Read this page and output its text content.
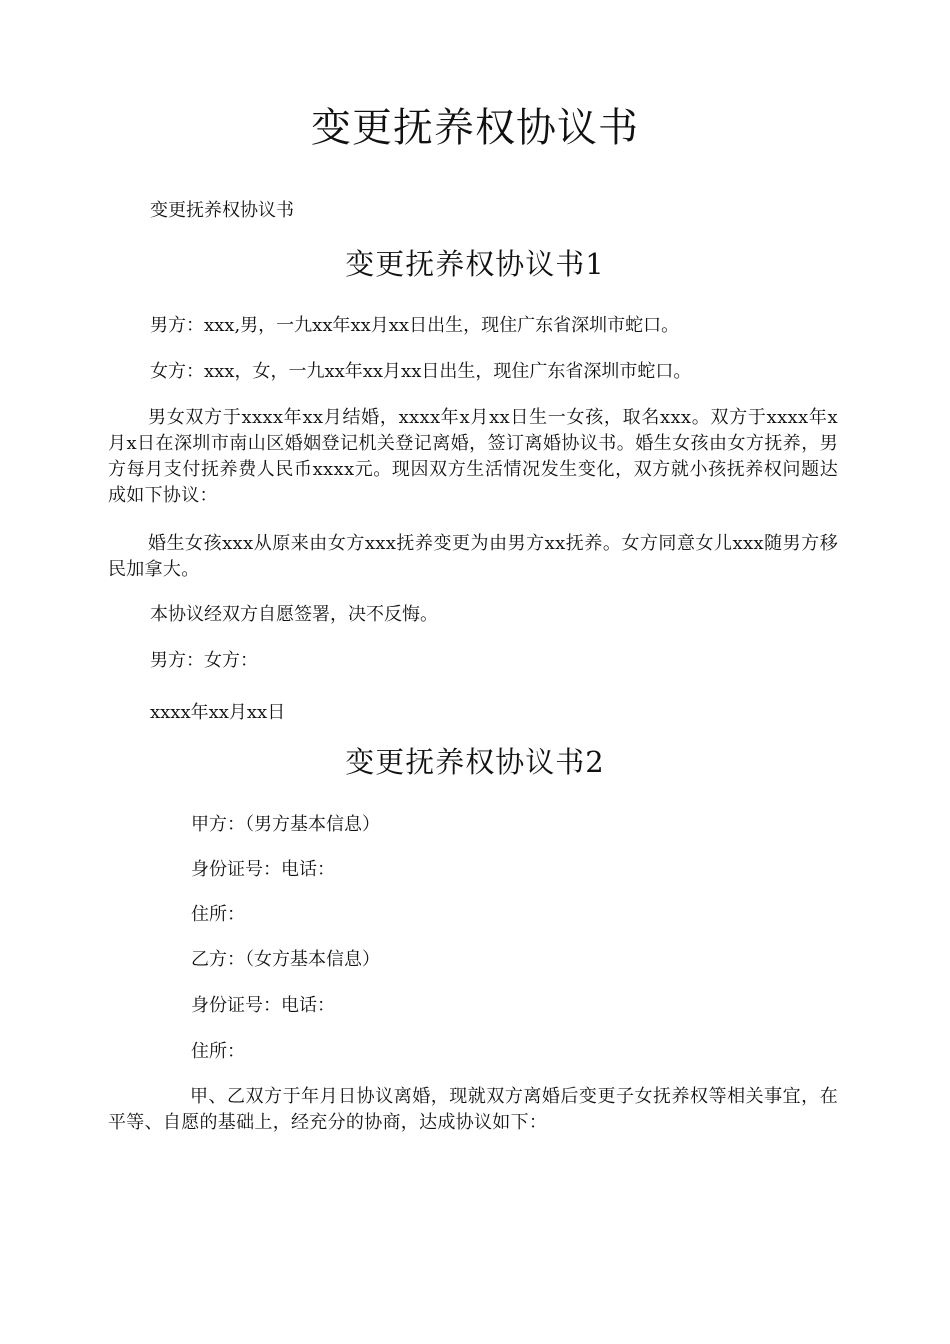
变更抚养权协议书
变更抚养权协议书
变更抚养权协议书1
男方：xxx,男，一九xx年xx月xx日出生，现住广东省深圳市蛇口。
女方：xxx，女，一九xx年xx月xx日出生，现住广东省深圳市蛇口。
男女双方于xxxx年xx月结婚，xxxx年x月xx日生一女孩，取名xxx。双方于xxxx年x月x日在深圳市南山区婚姻登记机关登记离婚，签订离婚协议书。婚生女孩由女方抚养，男方每月支付抚养费人民币xxxx元。现因双方生活情况发生变化，双方就小孩抚养权问题达成如下协议：
婚生女孩xxx从原来由女方xxx抚养变更为由男方xx抚养。女方同意女儿xxx随男方移民加拿大。
本协议经双方自愿签署，决不反悔。
男方：女方：
xxxx年xx月xx日
变更抚养权协议书2
甲方：（男方基本信息）
身份证号：电话：
住所：
乙方：（女方基本信息）
身份证号：电话：
住所：
甲、乙双方于年月日协议离婚，现就双方离婚后变更子女抚养权等相关事宜，在平等、自愿的基础上，经充分的协商，达成协议如下：
